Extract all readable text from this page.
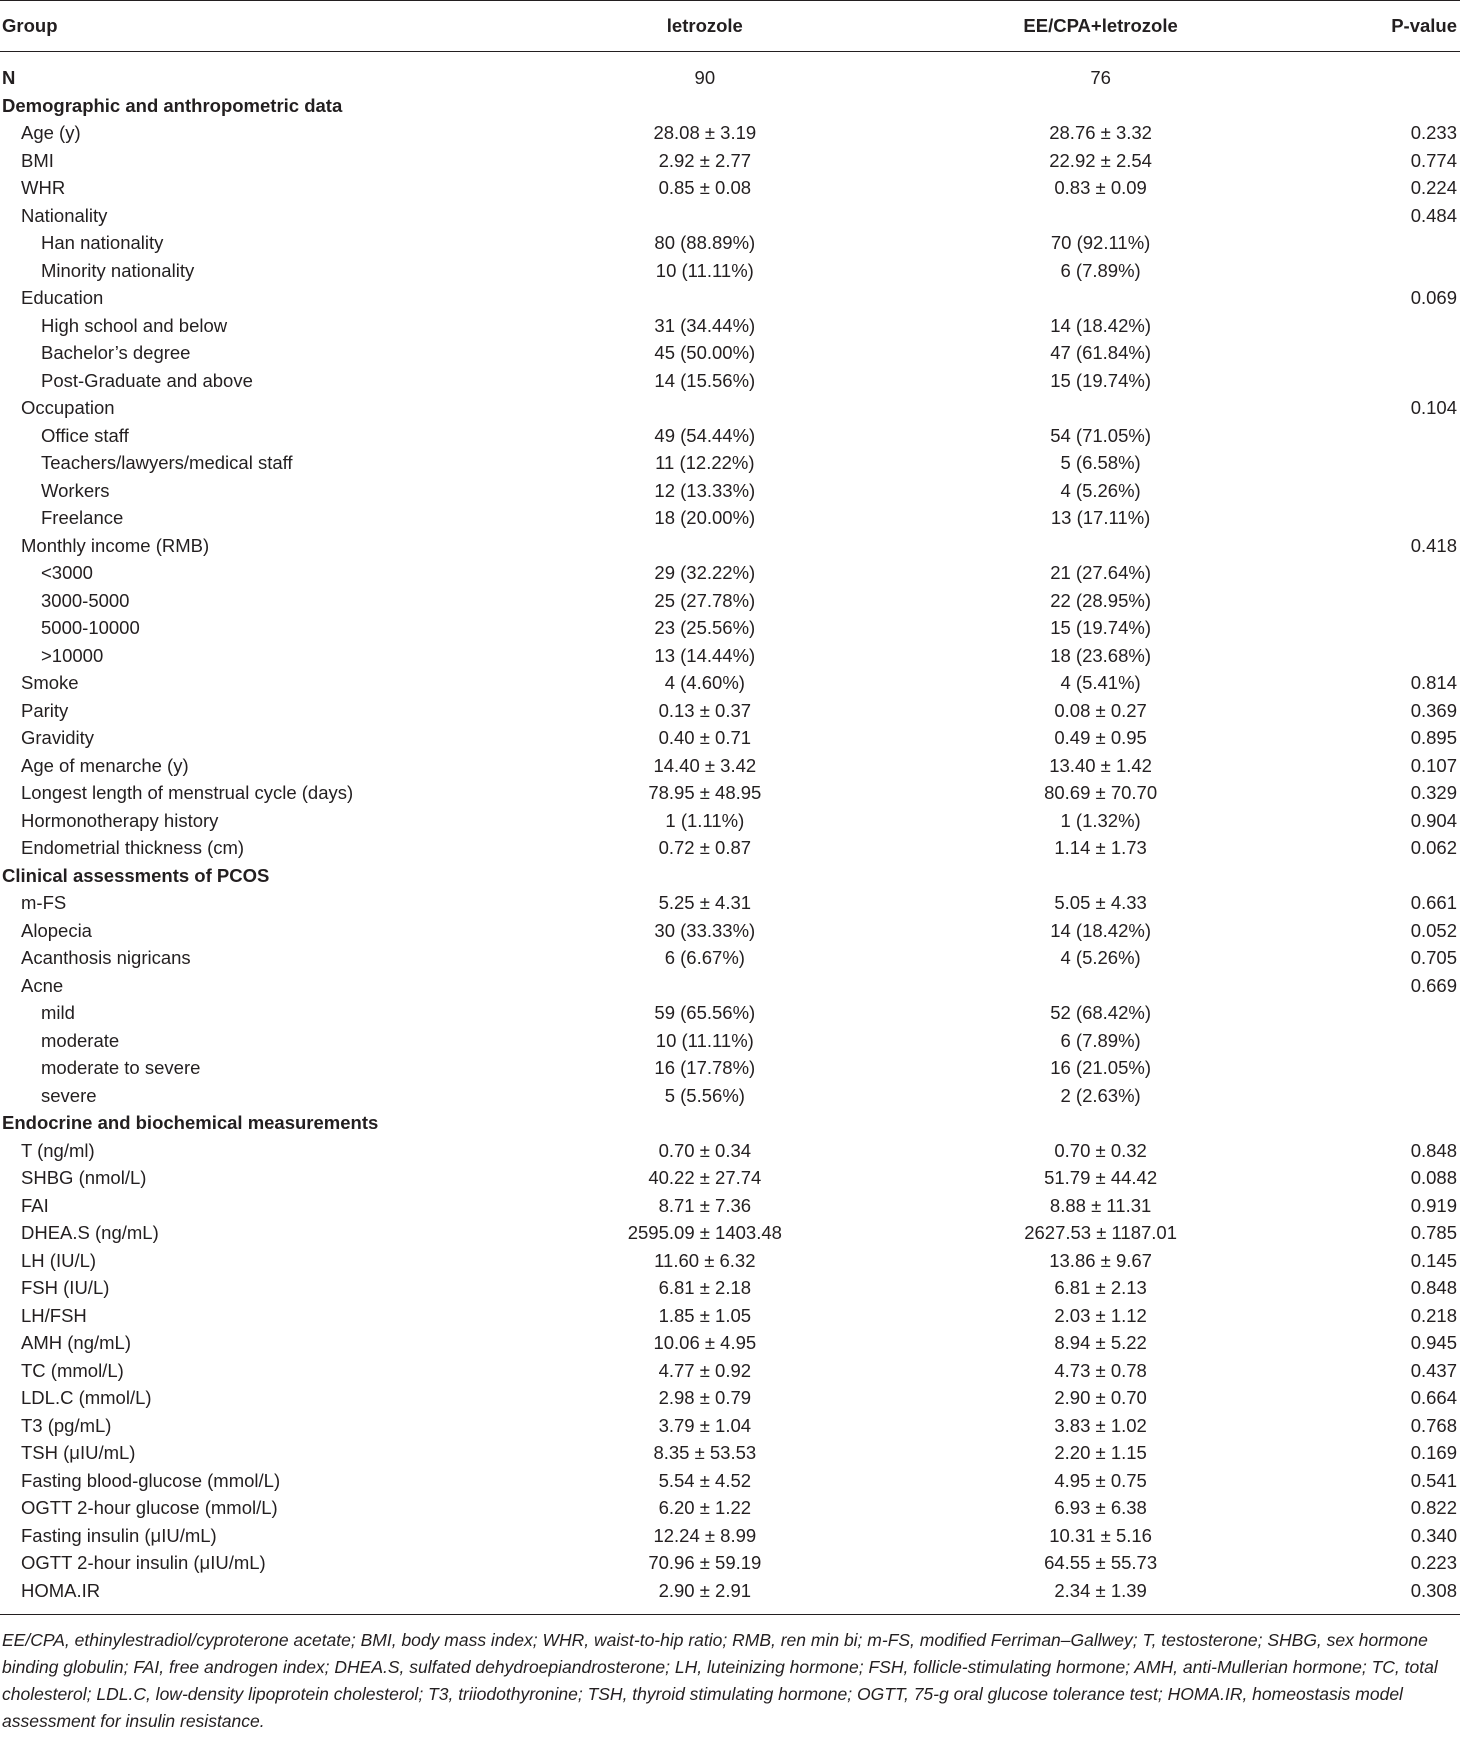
Group	letrozole	EE/CPA+letrozole	P-value
N	90	76	
Demographic and anthropometric data			
Age (y)	28.08 ± 3.19	28.76 ± 3.32	0.233
BMI	2.92 ± 2.77	22.92 ± 2.54	0.774
WHR	0.85 ± 0.08	0.83 ± 0.09	0.224
Nationality			0.484
Han nationality	80 (88.89%)	70 (92.11%)	
Minority nationality	10 (11.11%)	6 (7.89%)	
Education			0.069
High school and below	31 (34.44%)	14 (18.42%)	
Bachelor’s degree	45 (50.00%)	47 (61.84%)	
Post-Graduate and above	14 (15.56%)	15 (19.74%)	
Occupation			0.104
Office staff	49 (54.44%)	54 (71.05%)	
Teachers/lawyers/medical staff	11 (12.22%)	5 (6.58%)	
Workers	12 (13.33%)	4 (5.26%)	
Freelance	18 (20.00%)	13 (17.11%)	
Monthly income (RMB)			0.418
<3000	29 (32.22%)	21 (27.64%)	
3000-5000	25 (27.78%)	22 (28.95%)	
5000-10000	23 (25.56%)	15 (19.74%)	
>10000	13 (14.44%)	18 (23.68%)	
Smoke	4 (4.60%)	4 (5.41%)	0.814
Parity	0.13 ± 0.37	0.08 ± 0.27	0.369
Gravidity	0.40 ± 0.71	0.49 ± 0.95	0.895
Age of menarche (y)	14.40 ± 3.42	13.40 ± 1.42	0.107
Longest length of menstrual cycle (days)	78.95 ± 48.95	80.69 ± 70.70	0.329
Hormonotherapy history	1 (1.11%)	1 (1.32%)	0.904
Endometrial thickness (cm)	0.72 ± 0.87	1.14 ± 1.73	0.062
Clinical assessments of PCOS			
m-FS	5.25 ± 4.31	5.05 ± 4.33	0.661
Alopecia	30 (33.33%)	14 (18.42%)	0.052
Acanthosis nigricans	6 (6.67%)	4 (5.26%)	0.705
Acne			0.669
mild	59 (65.56%)	52 (68.42%)	
moderate	10 (11.11%)	6 (7.89%)	
moderate to severe	16 (17.78%)	16 (21.05%)	
severe	5 (5.56%)	2 (2.63%)	
Endocrine and biochemical measurements			
T (ng/ml)	0.70 ± 0.34	0.70 ± 0.32	0.848
SHBG (nmol/L)	40.22 ± 27.74	51.79 ± 44.42	0.088
FAI	8.71 ± 7.36	8.88 ± 11.31	0.919
DHEA.S (ng/mL)	2595.09 ± 1403.48	2627.53 ± 1187.01	0.785
LH (IU/L)	11.60 ± 6.32	13.86 ± 9.67	0.145
FSH (IU/L)	6.81 ± 2.18	6.81 ± 2.13	0.848
LH/FSH	1.85 ± 1.05	2.03 ± 1.12	0.218
AMH (ng/mL)	10.06 ± 4.95	8.94 ± 5.22	0.945
TC (mmol/L)	4.77 ± 0.92	4.73 ± 0.78	0.437
LDL.C (mmol/L)	2.98 ± 0.79	2.90 ± 0.70	0.664
T3 (pg/mL)	3.79 ± 1.04	3.83 ± 1.02	0.768
TSH (μIU/mL)	8.35 ± 53.53	2.20 ± 1.15	0.169
Fasting blood-glucose (mmol/L)	5.54 ± 4.52	4.95 ± 0.75	0.541
OGTT 2-hour glucose (mmol/L)	6.20 ± 1.22	6.93 ± 6.38	0.822
Fasting insulin (μIU/mL)	12.24 ± 8.99	10.31 ± 5.16	0.340
OGTT 2-hour insulin (μIU/mL)	70.96 ± 59.19	64.55 ± 55.73	0.223
HOMA.IR	2.90 ± 2.91	2.34 ± 1.39	0.308
EE/CPA, ethinylestradiol/cyproterone acetate; BMI, body mass index; WHR, waist-to-hip ratio; RMB, ren min bi; m-FS, modified Ferriman–Gallwey; T, testosterone; SHBG, sex hormone binding globulin; FAI, free androgen index; DHEA.S, sulfated dehydroepiandrosterone; LH, luteinizing hormone; FSH, follicle-stimulating hormone; AMH, anti-Mullerian hormone; TC, total cholesterol; LDL.C, low-density lipoprotein cholesterol; T3, triiodothyronine; TSH, thyroid stimulating hormone; OGTT, 75-g oral glucose tolerance test; HOMA.IR, homeostasis model assessment for insulin resistance.
